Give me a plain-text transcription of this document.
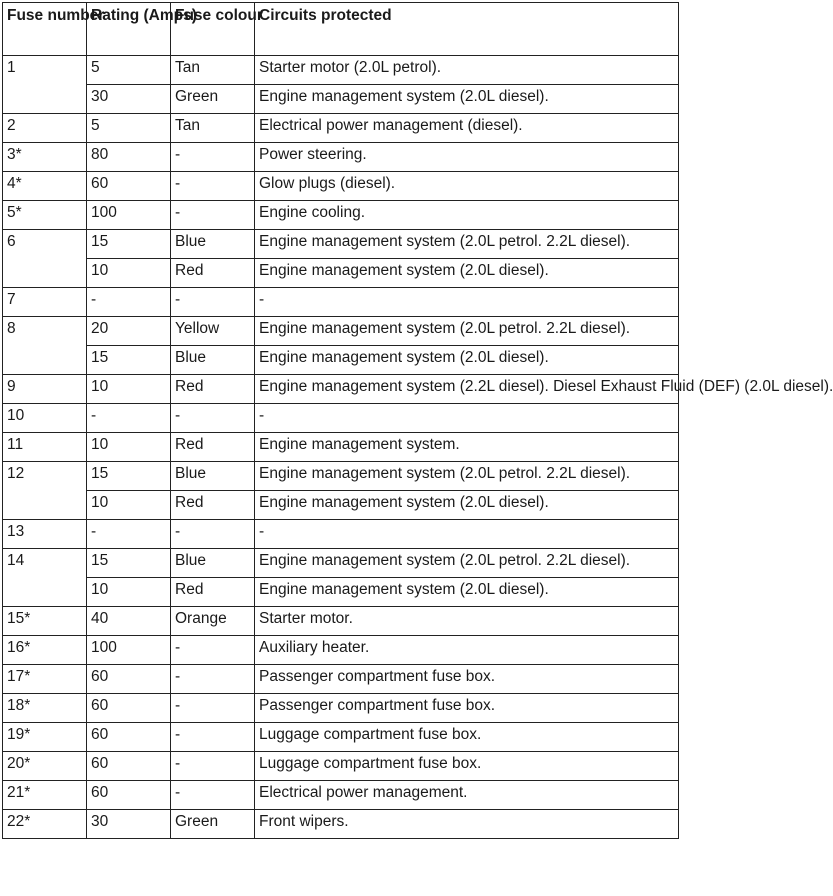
Fuse number	Rating (Amps)	Fuse colour	Circuits protected
1	5	Tan	Starter motor (2.0L petrol).
	30	Green	Engine management system (2.0L diesel).
2	5	Tan	Electrical power management (diesel).
3*	80	-	Power steering.
4*	60	-	Glow plugs (diesel).
5*	100	-	Engine cooling.
6	15	Blue	Engine management system (2.0L petrol. 2.2L diesel).
	10	Red	Engine management system (2.0L diesel).
7	-	-	-
8	20	Yellow	Engine management system (2.0L petrol. 2.2L diesel).
	15	Blue	Engine management system (2.0L diesel).
9	10	Red	Engine management system (2.2L diesel). Diesel Exhaust Fluid (DEF) (2.0L diesel).
10	-	-	-
11	10	Red	Engine management system.
12	15	Blue	Engine management system (2.0L petrol. 2.2L diesel).
	10	Red	Engine management system (2.0L diesel).
13	-	-	-
14	15	Blue	Engine management system (2.0L petrol. 2.2L diesel).
	10	Red	Engine management system (2.0L diesel).
15*	40	Orange	Starter motor.
16*	100	-	Auxiliary heater.
17*	60	-	Passenger compartment fuse box.
18*	60	-	Passenger compartment fuse box.
19*	60	-	Luggage compartment fuse box.
20*	60	-	Luggage compartment fuse box.
21*	60	-	Electrical power management.
22*	30	Green	Front wipers.
